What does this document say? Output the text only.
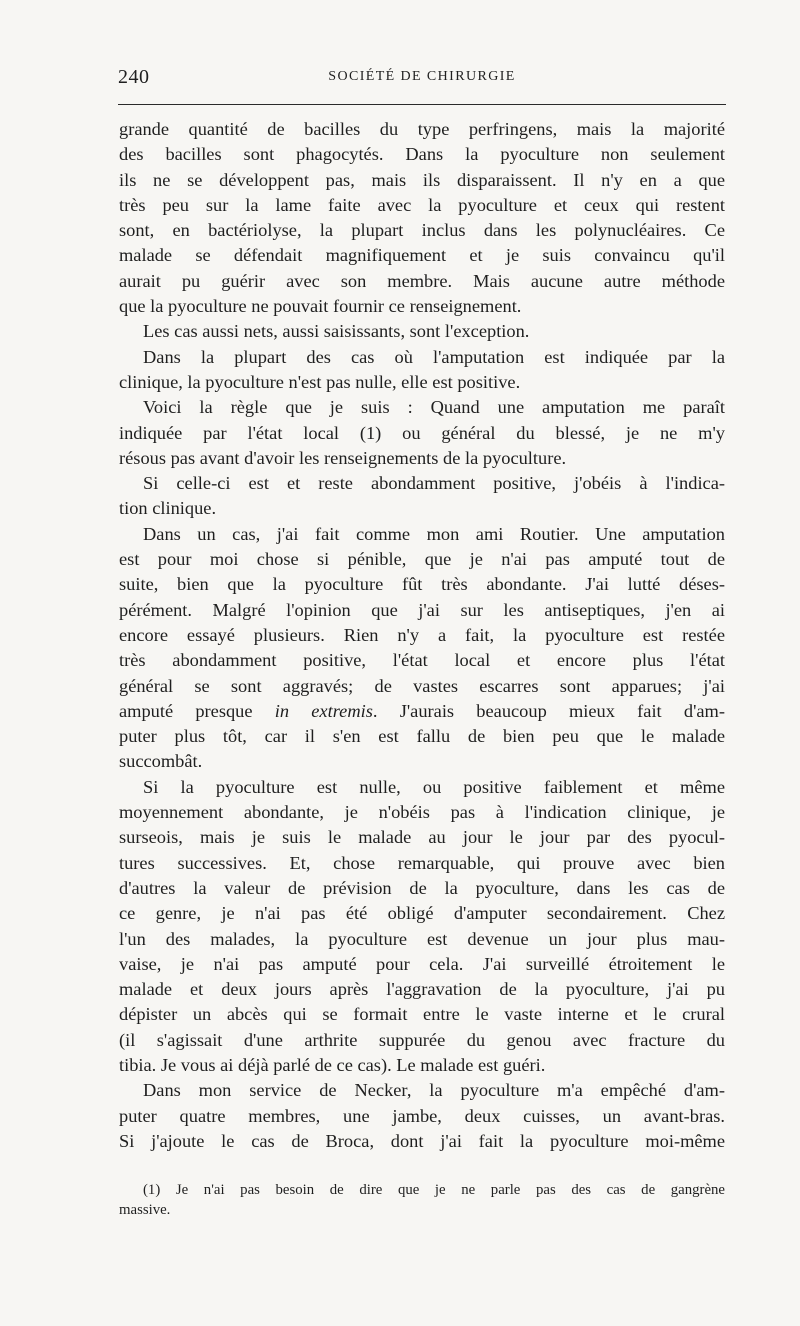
240	SOCIÉTÉ DE CHIRURGIE
grande quantité de bacilles du type perfringens, mais la majorité
des bacilles sont phagocytés. Dans la pyoculture non seulement
ils ne se développent pas, mais ils disparaissent. Il n'y en a que
très peu sur la lame faite avec la pyoculture et ceux qui restent
sont, en bactériolyse, la plupart inclus dans les polynucléaires. Ce
malade se défendait magnifiquement et je suis convaincu qu'il
aurait pu guérir avec son membre. Mais aucune autre méthode
que la pyoculture ne pouvait fournir ce renseignement.
Les cas aussi nets, aussi saisissants, sont l'exception.
Dans la plupart des cas où l'amputation est indiquée par la
clinique, la pyoculture n'est pas nulle, elle est positive.
Voici la règle que je suis : Quand une amputation me paraît
indiquée par l'état local (1) ou général du blessé, je ne m'y
résous pas avant d'avoir les renseignements de la pyoculture.
Si celle-ci est et reste abondamment positive, j'obéis à l'indica-
tion clinique.
Dans un cas, j'ai fait comme mon ami Routier. Une amputation
est pour moi chose si pénible, que je n'ai pas amputé tout de
suite, bien que la pyoculture fût très abondante. J'ai lutté déses-
pérément. Malgré l'opinion que j'ai sur les antiseptiques, j'en ai
encore essayé plusieurs. Rien n'y a fait, la pyoculture est restée
très abondamment positive, l'état local et encore plus l'état
général se sont aggravés; de vastes escarres sont apparues; j'ai
amputé presque in extremis. J'aurais beaucoup mieux fait d'am-
puter plus tôt, car il s'en est fallu de bien peu que le malade
succombât.
Si la pyoculture est nulle, ou positive faiblement et même
moyennement abondante, je n'obéis pas à l'indication clinique, je
surseois, mais je suis le malade au jour le jour par des pyocul-
tures successives. Et, chose remarquable, qui prouve avec bien
d'autres la valeur de prévision de la pyoculture, dans les cas de
ce genre, je n'ai pas été obligé d'amputer secondairement. Chez
l'un des malades, la pyoculture est devenue un jour plus mau-
vaise, je n'ai pas amputé pour cela. J'ai surveillé étroitement le
malade et deux jours après l'aggravation de la pyoculture, j'ai pu
dépister un abcès qui se formait entre le vaste interne et le crural
(il s'agissait d'une arthrite suppurée du genou avec fracture du
tibia. Je vous ai déjà parlé de ce cas). Le malade est guéri.
Dans mon service de Necker, la pyoculture m'a empêché d'am-
puter quatre membres, une jambe, deux cuisses, un avant-bras.
Si j'ajoute le cas de Broca, dont j'ai fait la pyoculture moi-même
(1) Je n'ai pas besoin de dire que je ne parle pas des cas de gangrène
massive.
